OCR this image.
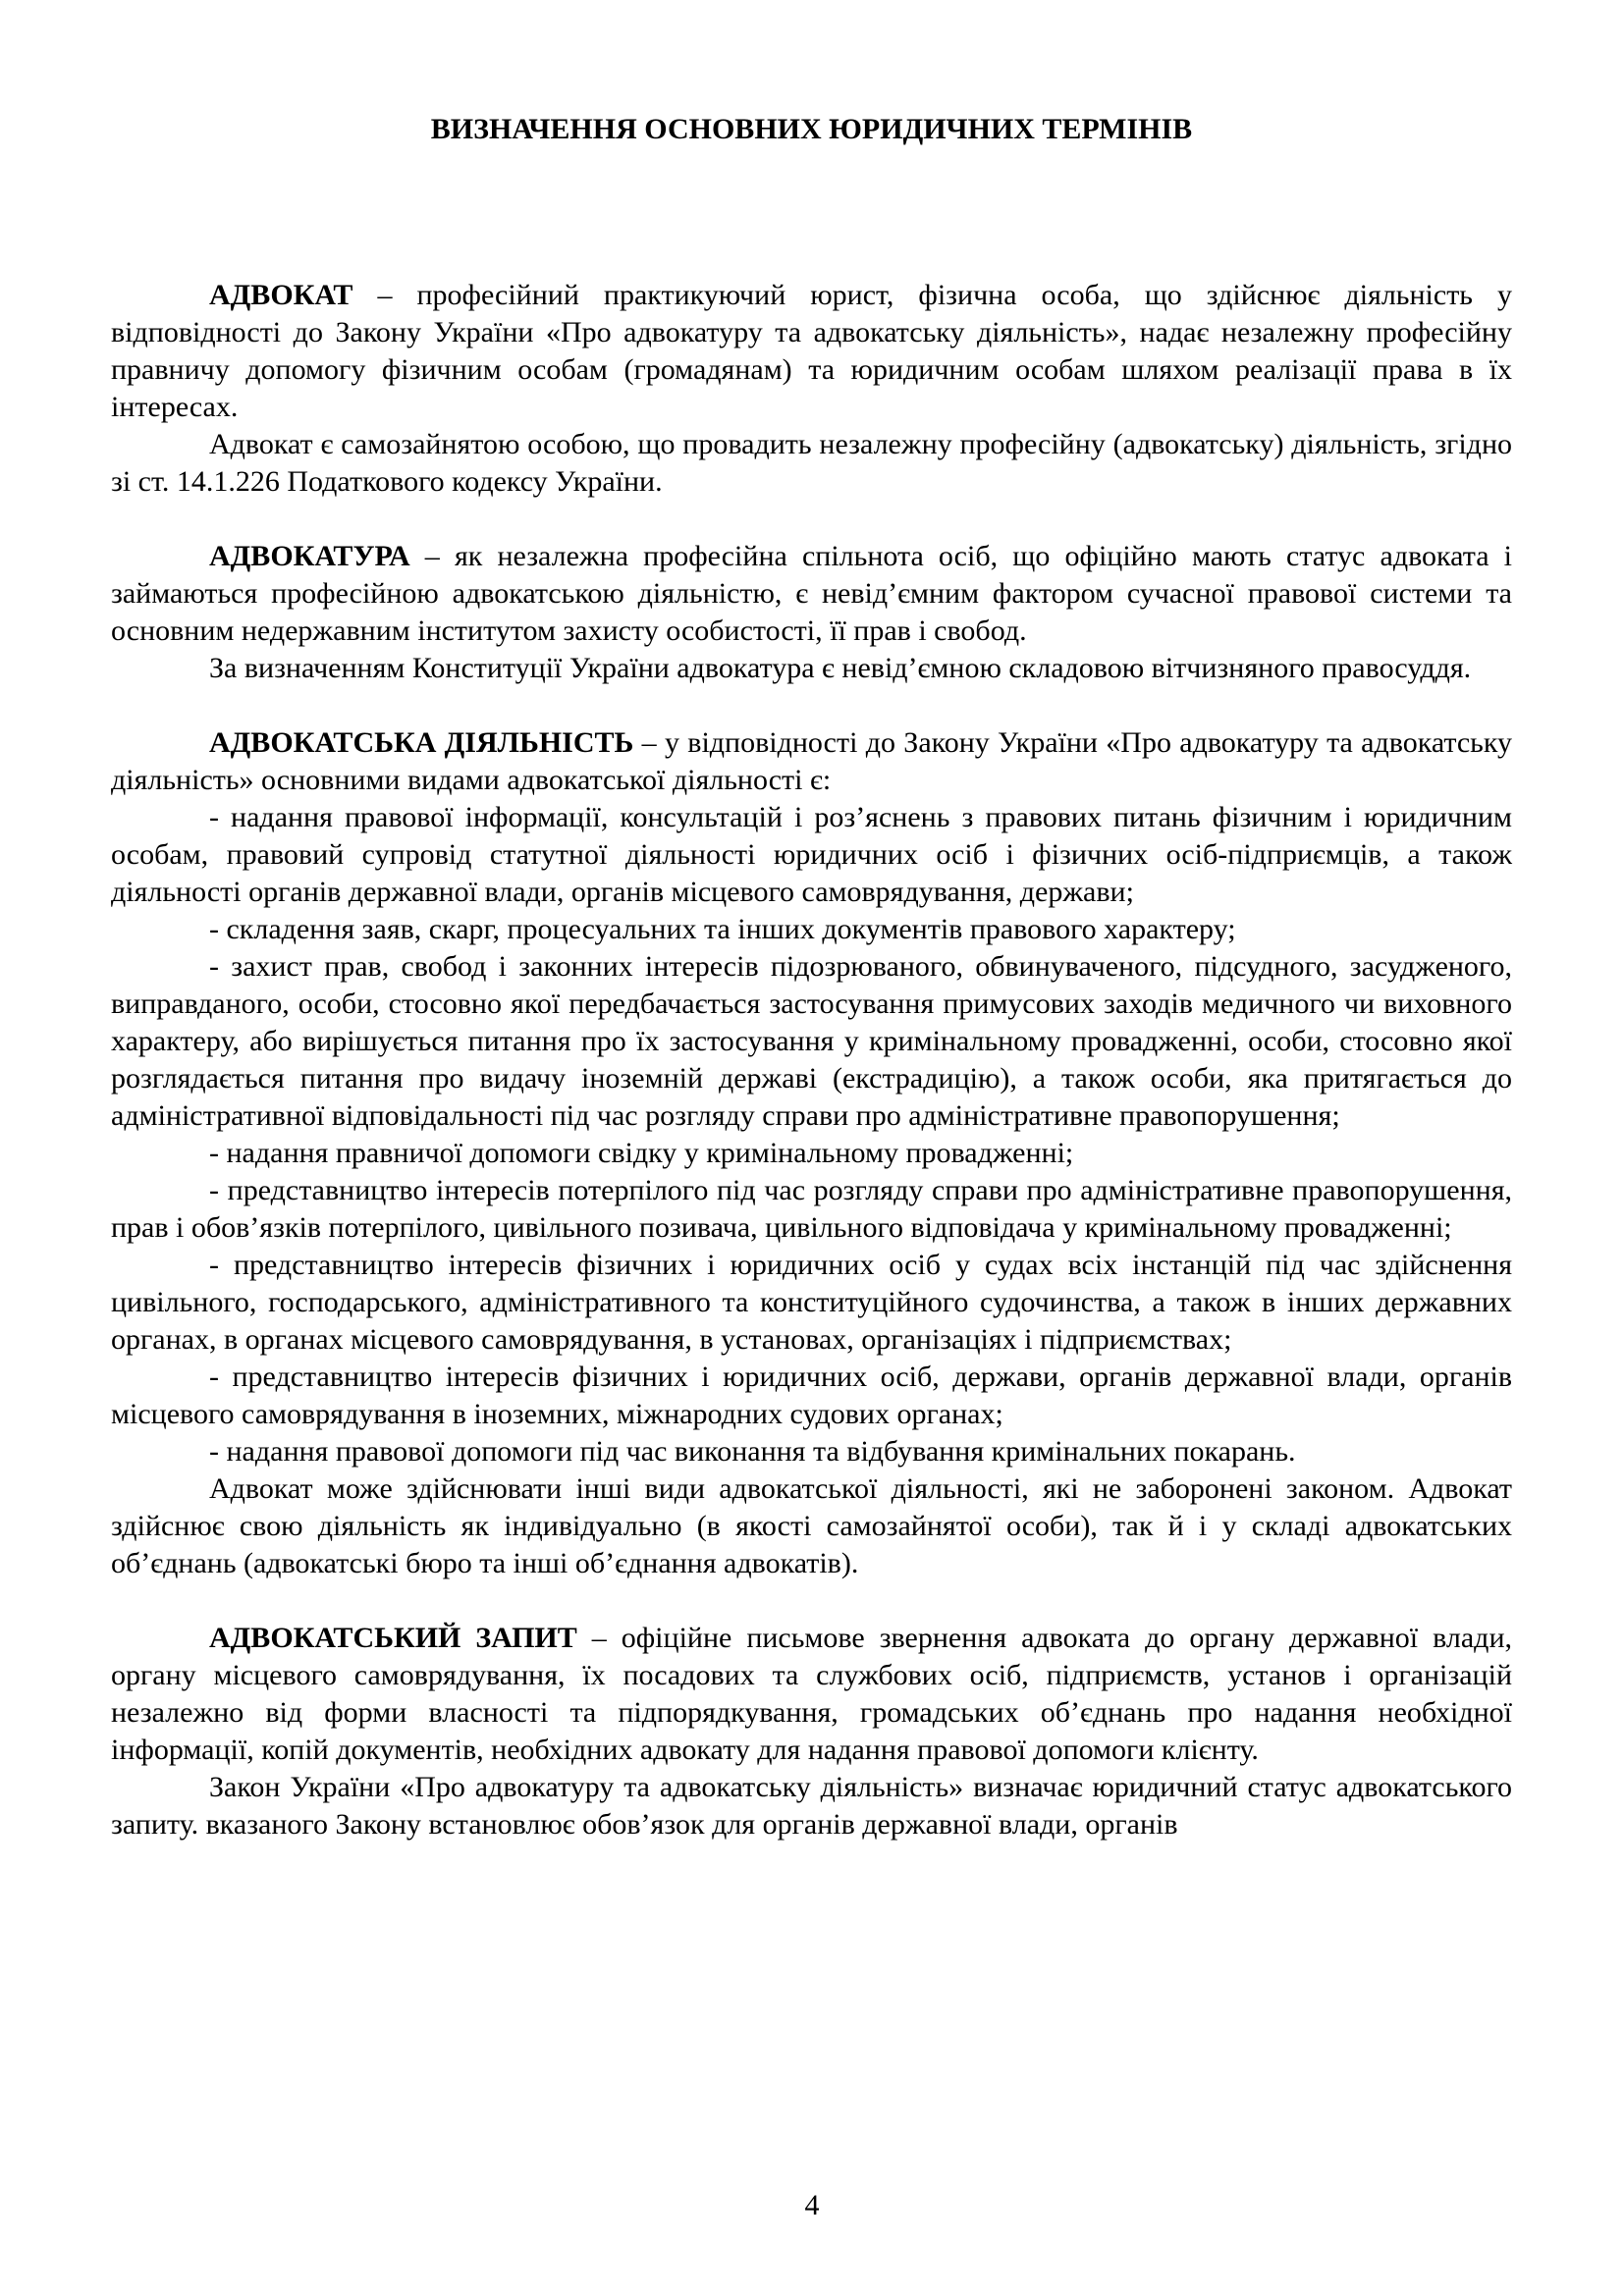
ВИЗНАЧЕННЯ ОСНОВНИХ ЮРИДИЧНИХ ТЕРМІНІВ

АДВОКАТ – професійний практикуючий юрист, фізична особа, що здійснює діяльність у відповідності до Закону України «Про адвокатуру та адвокатську діяльність», надає незалежну професійну правничу допомогу фізичним особам (громадянам) та юридичним особам шляхом реалізації права в їх інтересах.

Адвокат є самозайнятою особою, що провадить незалежну професійну (адвокатську) діяльність, згідно зі ст. 14.1.226 Податкового кодексу України.

АДВОКАТУРА – як незалежна професійна спільнота осіб, що офіційно мають статус адвоката і займаються професійною адвокатською діяльністю, є невід’ємним фактором сучасної правової системи та основним недержавним інститутом захисту особистості, її прав і свобод.

За визначенням Конституції України адвокатура є невід’ємною складовою вітчизняного правосуддя.

АДВОКАТСЬКА ДІЯЛЬНІСТЬ – у відповідності до Закону України «Про адвокатуру та адвокатську діяльність» основними видами адвокатської діяльності є:

- надання правової інформації, консультацій і роз’яснень з правових питань фізичним і юридичним особам, правовий супровід статутної діяльності юридичних осіб і фізичних осіб-підприємців, а також діяльності органів державної влади, органів місцевого самоврядування, держави;

- складення заяв, скарг, процесуальних та інших документів правового характеру;

- захист прав, свобод і законних інтересів підозрюваного, обвинуваченого, підсудного, засудженого, виправданого, особи, стосовно якої передбачається застосування примусових заходів медичного чи виховного характеру, або вирішується питання про їх застосування у кримінальному провадженні, особи, стосовно якої розглядається питання про видачу іноземній державі (екстрадицію), а також особи, яка притягається до адміністративної відповідальності під час розгляду справи про адміністративне правопорушення;

- надання правничої допомоги свідку у кримінальному провадженні;

- представництво інтересів потерпілого під час розгляду справи про адміністративне правопорушення, прав і обов’язків потерпілого, цивільного позивача, цивільного відповідача у кримінальному провадженні;

- представництво інтересів фізичних і юридичних осіб у судах всіх інстанцій під час здійснення цивільного, господарського, адміністративного та конституційного судочинства, а також в інших державних органах, в органах місцевого самоврядування, в установах, організаціях і підприємствах;

- представництво інтересів фізичних і юридичних осіб, держави, органів державної влади, органів місцевого самоврядування в іноземних, міжнародних судових органах;

- надання правової допомоги під час виконання та відбування кримінальних покарань.

Адвокат може здійснювати інші види адвокатської діяльності, які не заборонені законом. Адвокат здійснює свою діяльність як індивідуально (в якості самозайнятої особи), так й і у складі адвокатських об’єднань (адвокатські бюро та інші об’єднання адвокатів).

АДВОКАТСЬКИЙ ЗАПИТ – офіційне письмове звернення адвоката до органу державної влади, органу місцевого самоврядування, їх посадових та службових осіб, підприємств, установ і організацій незалежно від форми власності та підпорядкування, громадських об’єднань про надання необхідної інформації, копій документів, необхідних адвокату для надання правової допомоги клієнту.

Закон України «Про адвокатуру та адвокатську діяльність» визначає юридичний статус адвокатського запиту. вказаного Закону встановлює обов’язок для органів державної влади, органів

4
